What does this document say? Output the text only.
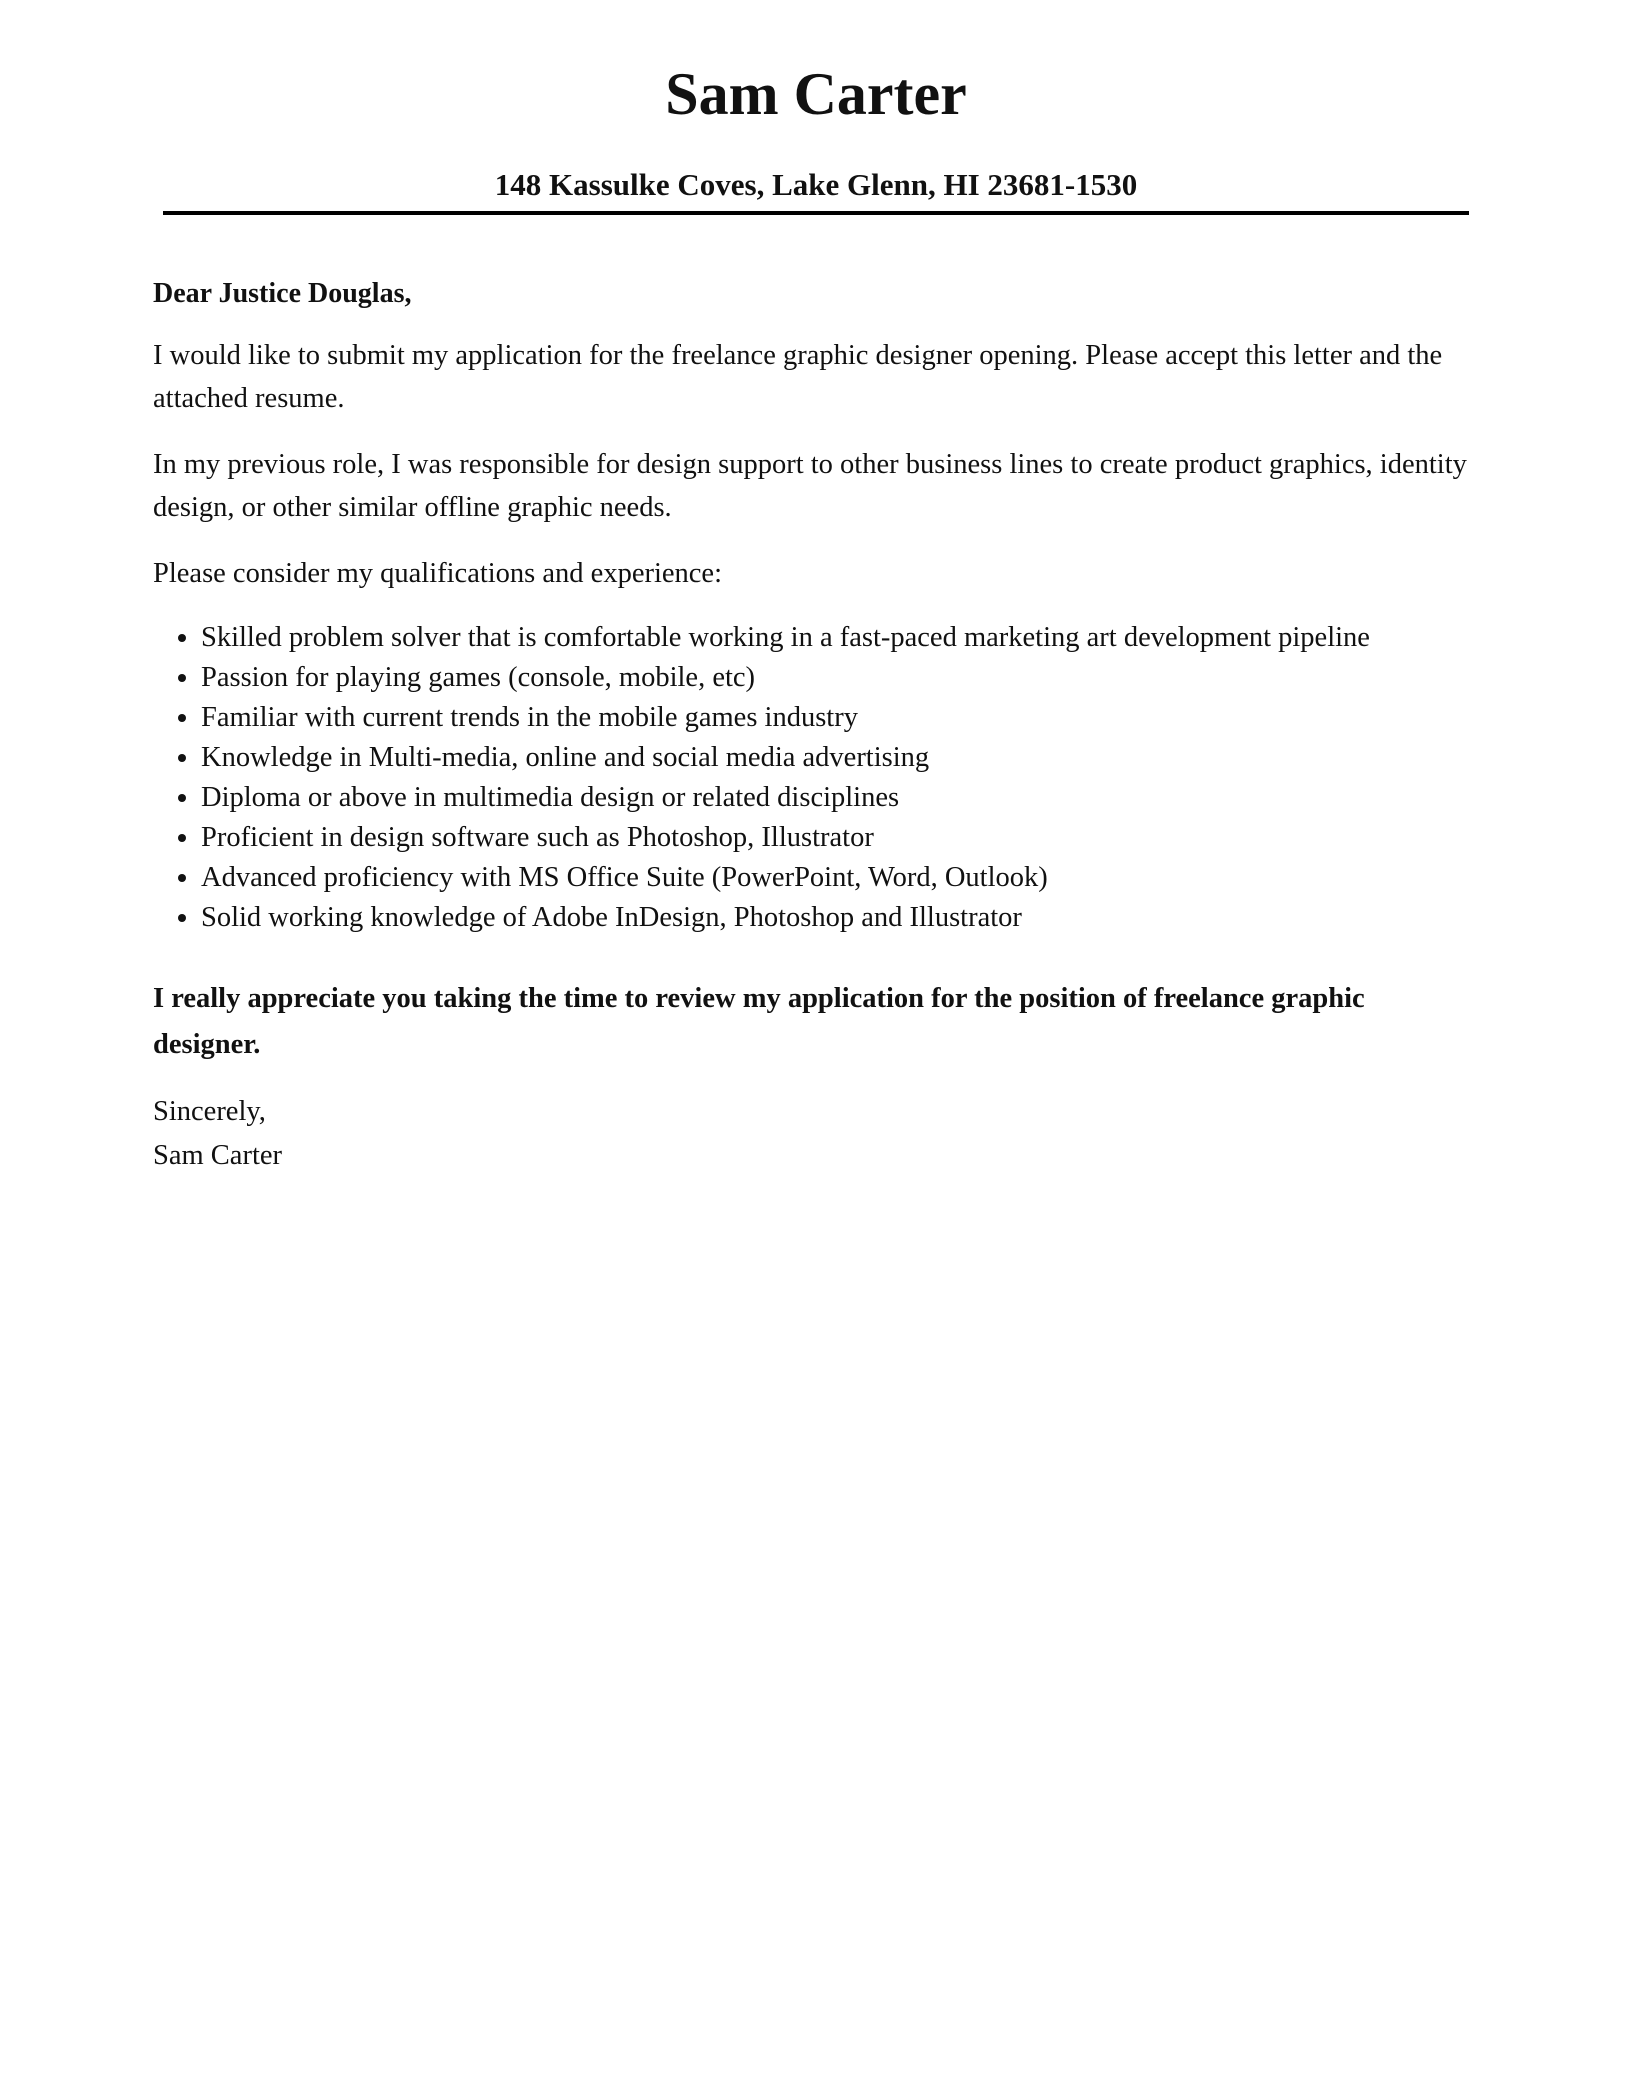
Sam Carter
148 Kassulke Coves, Lake Glenn, HI 23681-1530

Dear Justice Douglas,

I would like to submit my application for the freelance graphic designer opening. Please accept this letter and the attached resume.

In my previous role, I was responsible for design support to other business lines to create product graphics, identity design, or other similar offline graphic needs.

Please consider my qualifications and experience:

• Skilled problem solver that is comfortable working in a fast-paced marketing art development pipeline
• Passion for playing games (console, mobile, etc)
• Familiar with current trends in the mobile games industry
• Knowledge in Multi-media, online and social media advertising
• Diploma or above in multimedia design or related disciplines
• Proficient in design software such as Photoshop, Illustrator
• Advanced proficiency with MS Office Suite (PowerPoint, Word, Outlook)
• Solid working knowledge of Adobe InDesign, Photoshop and Illustrator

I really appreciate you taking the time to review my application for the position of freelance graphic designer.

Sincerely,

Sam Carter
